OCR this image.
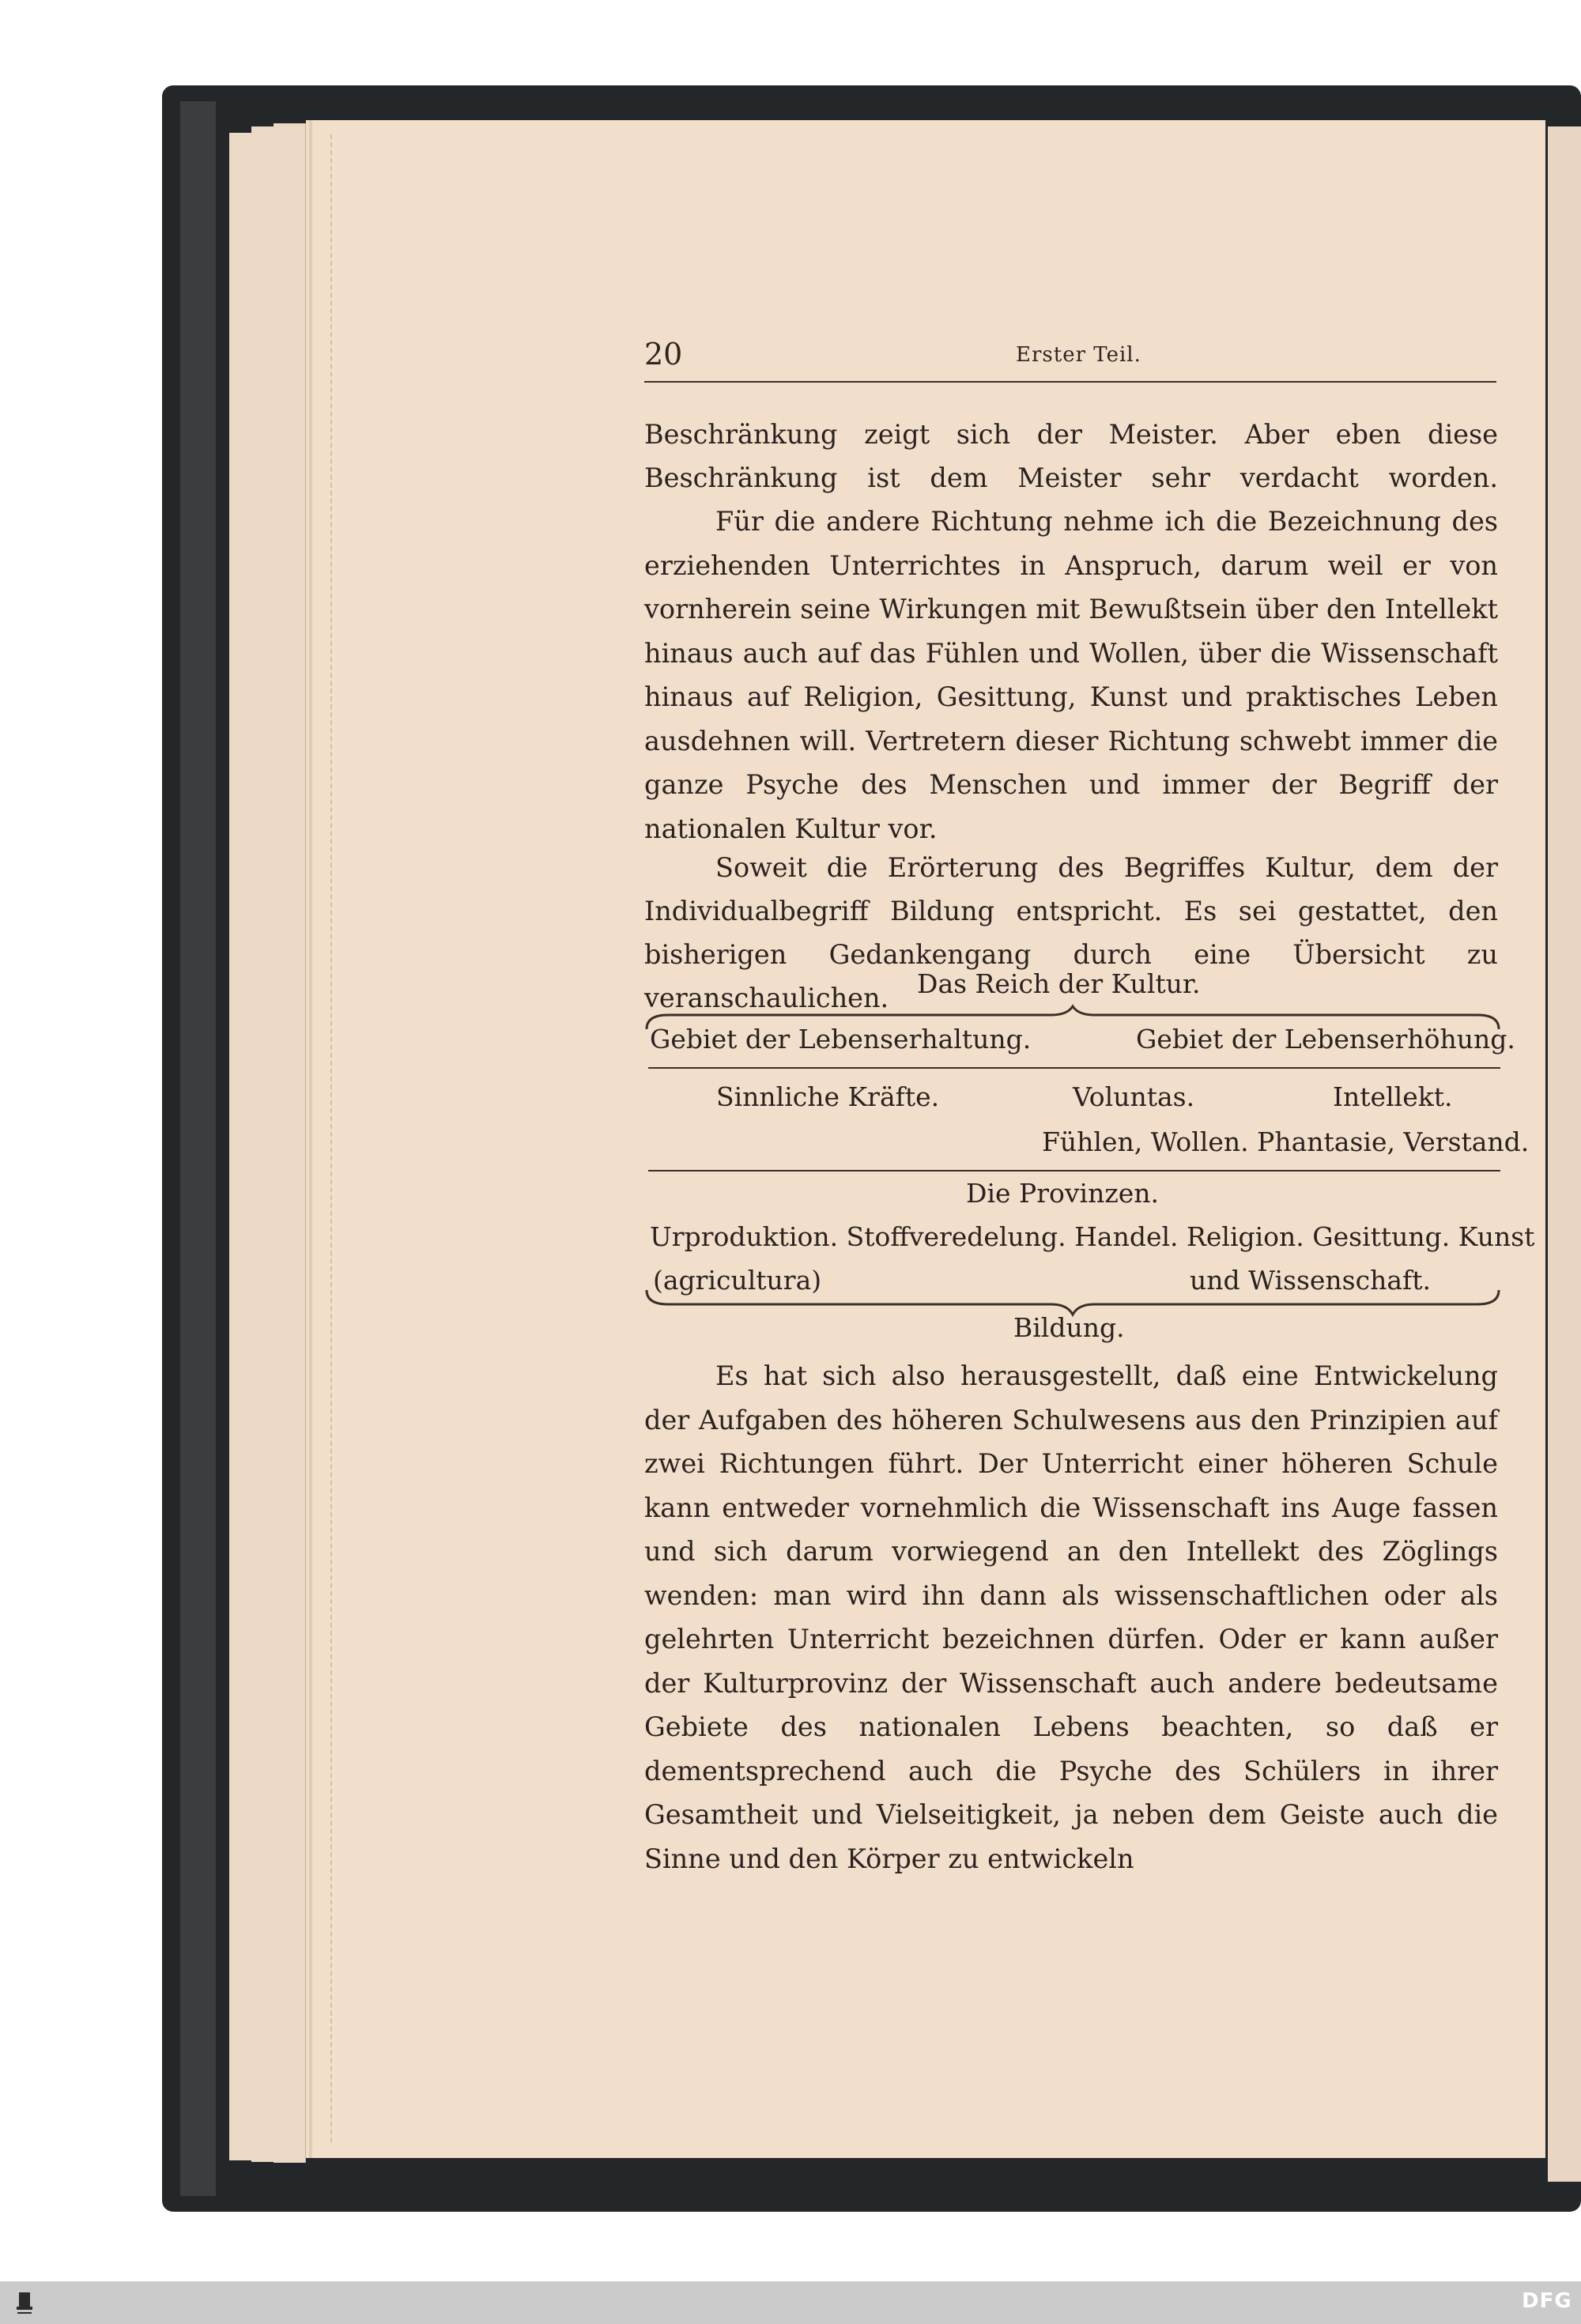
20	Erster Teil.

Beschränkung zeigt sich der Meister. Aber eben diese Beschränkung ist dem Meister sehr verdacht worden.

Für die andere Richtung nehme ich die Bezeichnung des erziehenden Unterrichtes in Anspruch, darum weil er von vornherein seine Wirkungen mit Bewußtsein über den Intellekt hinaus auch auf das Fühlen und Wollen, über die Wissenschaft hinaus auf Religion, Gesittung, Kunst und praktisches Leben ausdehnen will. Vertretern dieser Richtung schwebt immer die ganze Psyche des Menschen und immer der Begriff der nationalen Kultur vor.

Soweit die Erörterung des Begriffes Kultur, dem der Individualbegriff Bildung entspricht. Es sei gestattet, den bisherigen Gedankengang durch eine Übersicht zu veranschaulichen.	Das Reich der Kultur.
Gebiet der Lebenserhaltung.	Gebiet der Lebenserhöhung.
Sinnliche Kräfte.	Voluntas.	Intellekt.
Fühlen, Wollen. Phantasie, Verstand.
Die Provinzen.
Urproduktion. Stoffveredelung. Handel. Religion. Gesittung. Kunst
(agricultura)	und Wissenschaft.
Bildung.

Es hat sich also herausgestellt, daß eine Entwickelung der Aufgaben des höheren Schulwesens aus den Prinzipien auf zwei Richtungen führt. Der Unterricht einer höheren Schule kann entweder vornehmlich die Wissenschaft ins Auge fassen und sich darum vorwiegend an den Intellekt des Zöglings wenden: man wird ihn dann als wissenschaftlichen oder als gelehrten Unterricht bezeichnen dürfen. Oder er kann außer der Kulturprovinz der Wissenschaft auch andere bedeutsame Gebiete des nationalen Lebens beachten, so daß er dementsprechend auch die Psyche des Schülers in ihrer Gesamtheit und Vielseitigkeit, ja neben dem Geiste auch die Sinne und den Körper zu entwickeln

DFG
